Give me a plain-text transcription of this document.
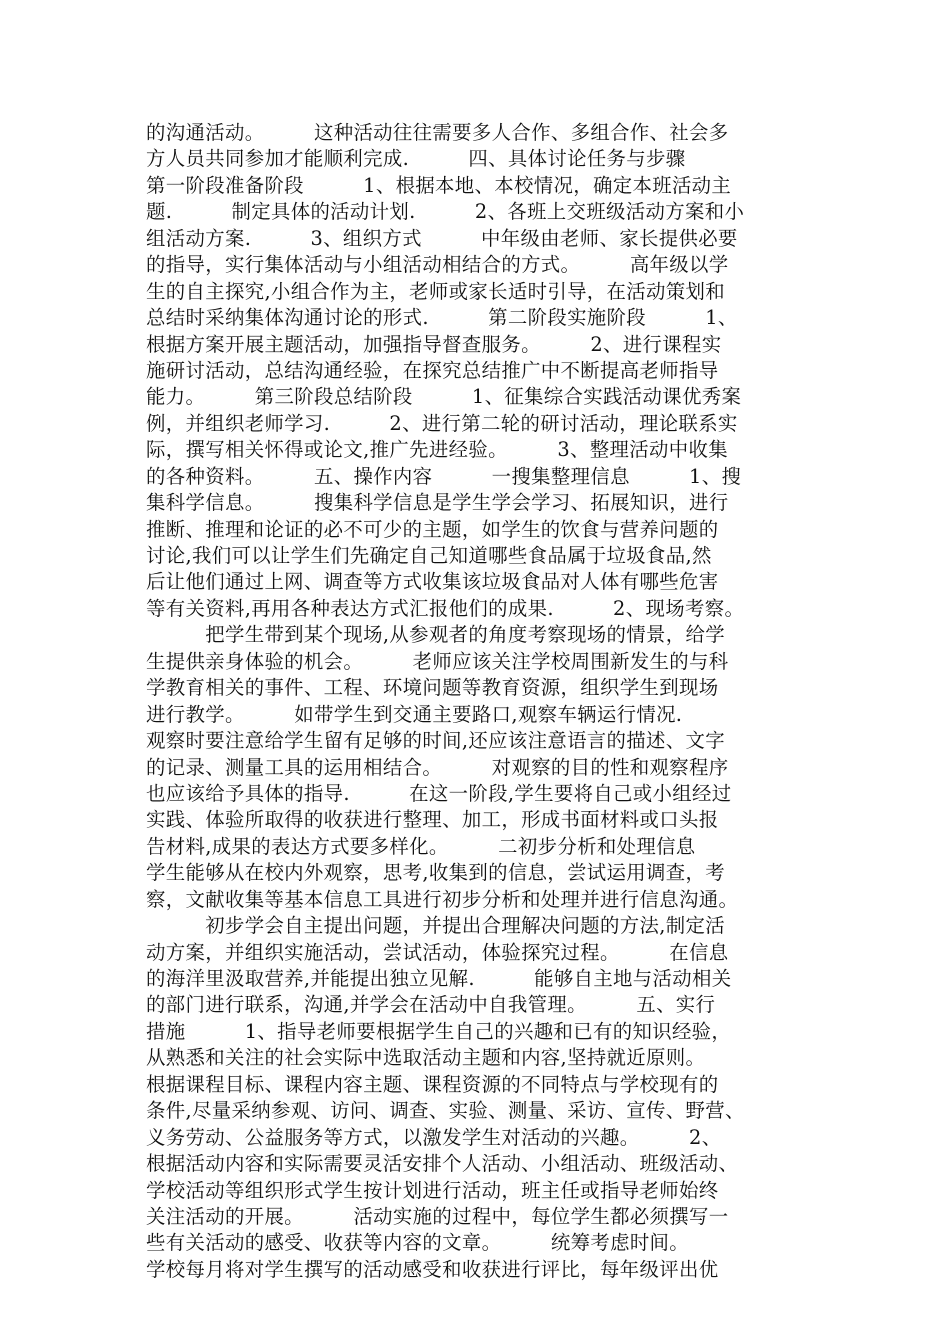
的沟通活动。　　　这种活动往往需要多人合作、多组合作、社会多
方人员共同参加才能顺利完成.　　　四、具体讨论任务与步骤
第一阶段准备阶段　　　1、根据本地、本校情况，确定本班活动主
题.　　　制定具体的活动计划.　　　2、各班上交班级活动方案和小
组活动方案.　　　3、组织方式　　　中年级由老师、家长提供必要
的指导，实行集体活动与小组活动相结合的方式。　　　高年级以学
生的自主探究,小组合作为主，老师或家长适时引导，在活动策划和
总结时采纳集体沟通讨论的形式.　　　第二阶段实施阶段　　　1、
根据方案开展主题活动，加强指导督查服务。　　　2、进行课程实
施研讨活动，总结沟通经验，在探究总结推广中不断提高老师指导
能力。　　　第三阶段总结阶段　　　1、征集综合实践活动课优秀案
例，并组织老师学习.　　　2、进行第二轮的研讨活动，理论联系实
际，撰写相关怀得或论文,推广先进经验。　　　3、整理活动中收集
的各种资料。　　　五、操作内容　　　一搜集整理信息　　　1、搜
集科学信息。　　　搜集科学信息是学生学会学习、拓展知识，进行
推断、推理和论证的必不可少的主题，如学生的饮食与营养问题的
讨论,我们可以让学生们先确定自己知道哪些食品属于垃圾食品,然
后让他们通过上网、调查等方式收集该垃圾食品对人体有哪些危害
等有关资料,再用各种表达方式汇报他们的成果.　　　2、现场考察。
　　　把学生带到某个现场,从参观者的角度考察现场的情景，给学
生提供亲身体验的机会。　　　老师应该关注学校周围新发生的与科
学教育相关的事件、工程、环境问题等教育资源，组织学生到现场
进行教学。　　　如带学生到交通主要路口,观察车辆运行情况.
观察时要注意给学生留有足够的时间,还应该注意语言的描述、文字
的记录、测量工具的运用相结合。　　　对观察的目的性和观察程序
也应该给予具体的指导.　　　在这一阶段,学生要将自己或小组经过
实践、体验所取得的收获进行整理、加工，形成书面材料或口头报
告材料,成果的表达方式要多样化。　　　二初步分析和处理信息
学生能够从在校内外观察，思考,收集到的信息，尝试运用调查，考
察，文献收集等基本信息工具进行初步分析和处理并进行信息沟通。
　　　初步学会自主提出问题，并提出合理解决问题的方法,制定活
动方案，并组织实施活动，尝试活动，体验探究过程。　　　在信息
的海洋里汲取营养,并能提出独立见解.　　　能够自主地与活动相关
的部门进行联系，沟通,并学会在活动中自我管理。　　　五、实行
措施　　　1、指导老师要根据学生自己的兴趣和已有的知识经验，
从熟悉和关注的社会实际中选取活动主题和内容,坚持就近原则。
根据课程目标、课程内容主题、课程资源的不同特点与学校现有的
条件,尽量采纳参观、访问、调查、实验、测量、采访、宣传、野营、
义务劳动、公益服务等方式，以激发学生对活动的兴趣。　　　2、
根据活动内容和实际需要灵活安排个人活动、小组活动、班级活动、
学校活动等组织形式学生按计划进行活动，班主任或指导老师始终
关注活动的开展。　　　活动实施的过程中，每位学生都必须撰写一
些有关活动的感受、收获等内容的文章。　　　统筹考虑时间。
学校每月将对学生撰写的活动感受和收获进行评比，每年级评出优
